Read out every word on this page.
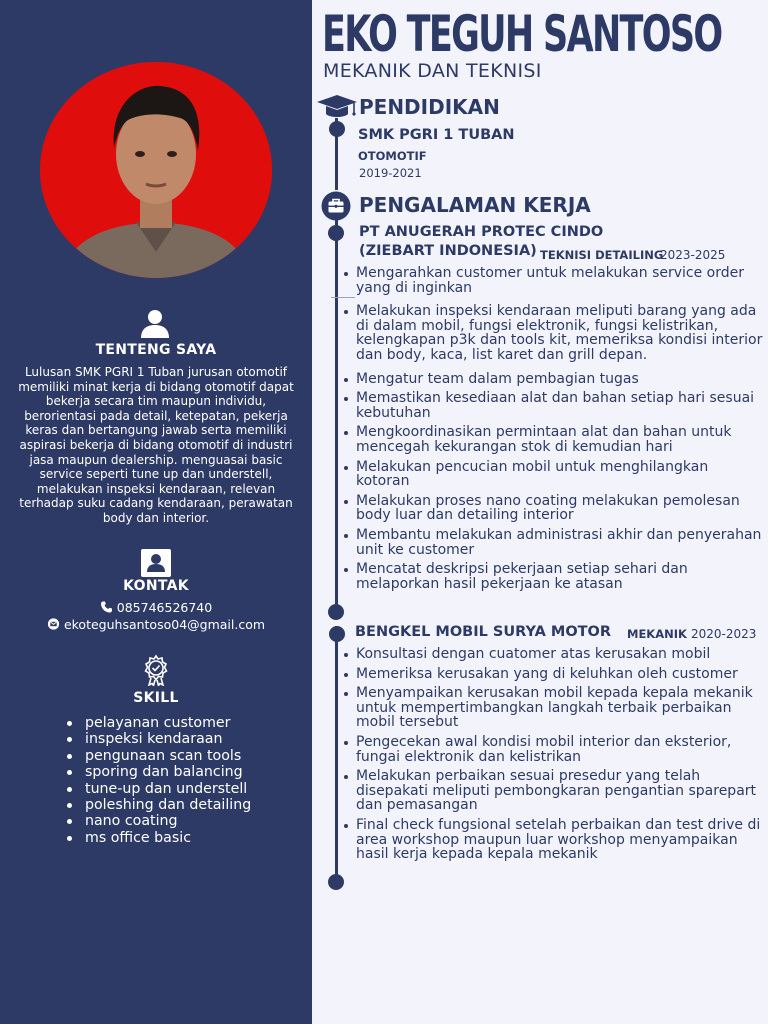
TENTENG SAYA

Lulusan SMK PGRI 1 Tuban jurusan otomotif memiliki minat kerja di bidang otomotif dapat bekerja secara tim maupun individu, berorientasi pada detail, ketepatan, pekerja keras dan bertangung jawab serta memiliki aspirasi bekerja di bidang otomotif di industri jasa maupun dealership. menguasai basic service seperti tune up dan understell, melakukan inspeksi kendaraan, relevan terhadap suku cadang kendaraan, perawatan body dan interior.

KONTAK
085746526740
ekoteguhsantoso04@gmail.com
SKILL
pelayanan customer
inspeksi kendaraan
pengunaan scan tools
sporing dan balancing
tune-up dan understell
poleshing dan detailing
nano coating
ms office basic
EKO TEGUH SANTOSO
MEKANIK DAN TEKNISI
PENDIDIKAN
SMK PGRI 1 TUBAN
OTOMOTIF
2019-2021
PENGALAMAN KERJA
PT ANUGERAH PROTEC CINDO
(ZIEBART INDONESIA) TEKNISI DETAILING
2023-2025
Mengarahkan customer untuk melakukan service order yang di inginkan
Melakukan inspeksi kendaraan meliputi barang yang ada di dalam mobil, fungsi elektronik, fungsi kelistrikan, kelengkapan p3k dan tools kit, memeriksa kondisi interior dan body, kaca, list karet dan grill depan.
Mengatur team dalam pembagian tugas
Memastikan kesediaan alat dan bahan setiap hari sesuai kebutuhan
Mengkoordinasikan permintaan alat dan bahan untuk mencegah kekurangan stok di kemudian hari
Melakukan pencucian mobil untuk menghilangkan kotoran
Melakukan proses nano coating melakukan pemolesan body luar dan detailing interior
Membantu melakukan administrasi akhir dan penyerahan unit ke customer
Mencatat deskripsi pekerjaan setiap sehari dan melaporkan hasil pekerjaan ke atasan
BENGKEL MOBIL SURYA MOTOR MEKANIK 2020-2023
Konsultasi dengan cuatomer atas kerusakan mobil
Memeriksa kerusakan yang di keluhkan oleh customer
Menyampaikan kerusakan mobil kepada kepala mekanik untuk mempertimbangkan langkah terbaik perbaikan mobil tersebut
Pengecekan awal kondisi mobil interior dan eksterior, fungai elektronik dan kelistrikan
Melakukan perbaikan sesuai presedur yang telah disepakati meliputi pembongkaran pengantian sparepart dan pemasangan
Final check fungsional setelah perbaikan dan test drive di area workshop maupun luar workshop menyampaikan hasil kerja kepada kepala mekanik
